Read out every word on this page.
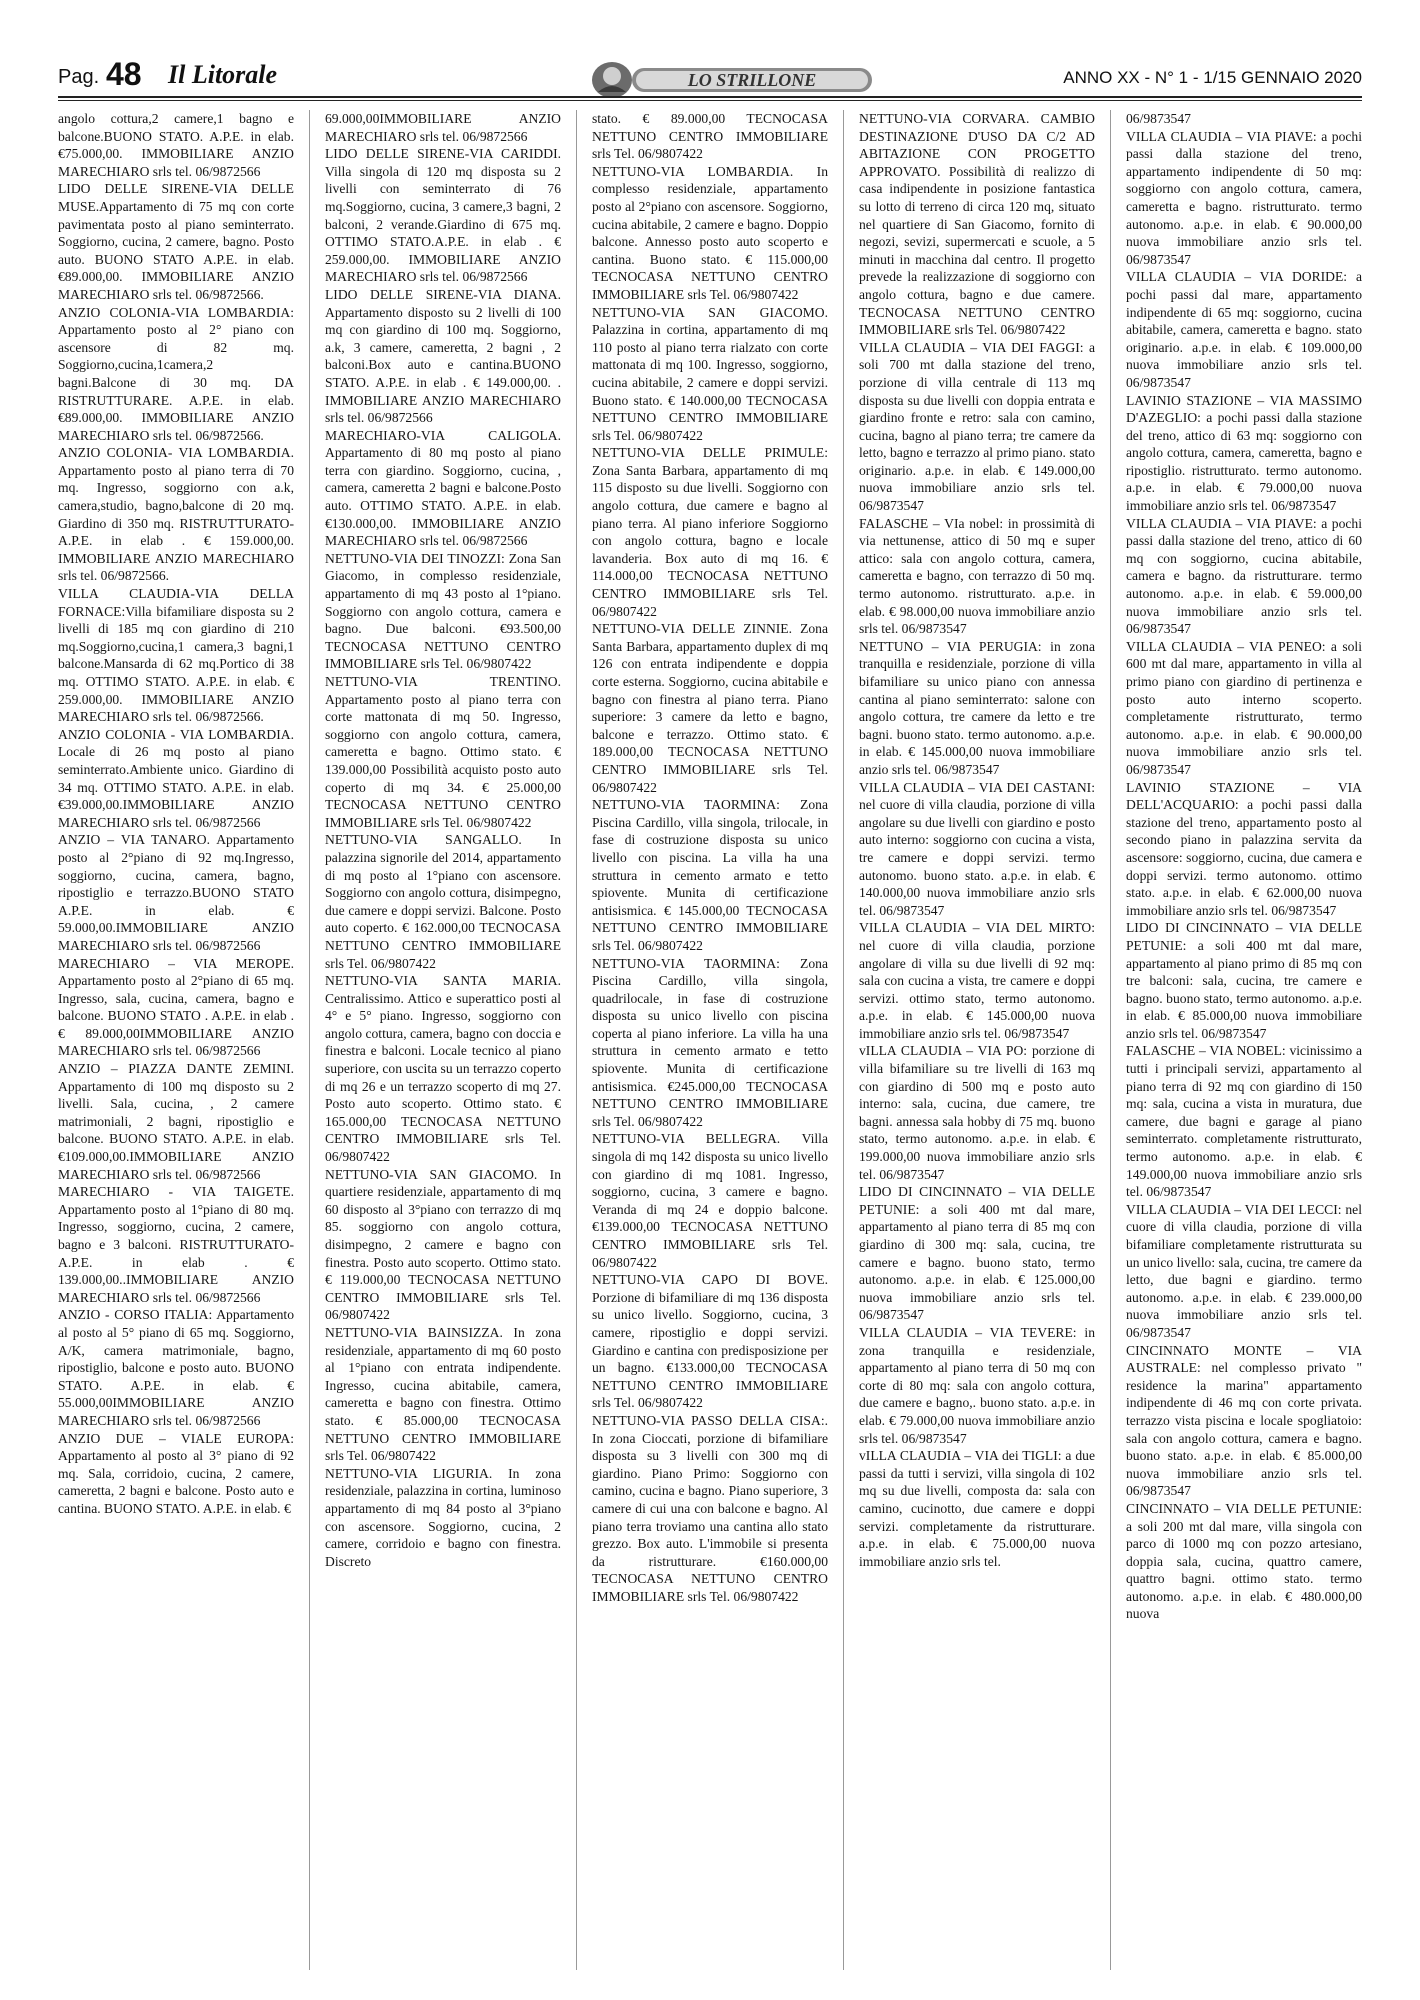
Pag. 48 Il Litorale	LO STRILLONE	ANNO XX - N° 1 - 1/15 GENNAIO 2020

angolo cottura,2 camere,1 bagno e balcone.BUONO STATO. A.P.E. in elab. €75.000,00. IMMOBILIARE ANZIO MARECHIARO srls tel. 06/9872566

LIDO DELLE SIRENE-VIA DELLE MUSE.Appartamento di 75 mq con corte pavimentata posto al piano seminterrato. Soggiorno, cucina, 2 camere, bagno. Posto auto. BUONO STATO A.P.E. in elab. €89.000,00. IMMOBILIARE ANZIO MARECHIARO srls tel. 06/9872566.

ANZIO COLONIA-VIA LOMBARDIA: Appartamento posto al 2° piano con ascensore di 82 mq. Soggiorno,cucina,1camera,2 bagni.Balcone di 30 mq. DA RISTRUTTURARE. A.P.E. in elab. €89.000,00. IMMOBILIARE ANZIO MARECHIARO srls tel. 06/9872566.

ANZIO COLONIA- VIA LOMBARDIA. Appartamento posto al piano terra di 70 mq. Ingresso, soggiorno con a.k, camera,studio, bagno,balcone di 20 mq. Giardino di 350 mq. RISTRUTTURATO-A.P.E. in elab . € 159.000,00. IMMOBILIARE ANZIO MARECHIARO srls tel. 06/9872566.

VILLA CLAUDIA-VIA DELLA FORNACE:Villa bifamiliare disposta su 2 livelli di 185 mq con giardino di 210 mq.Soggiorno,cucina,1 camera,3 bagni,1 balcone.Mansarda di 62 mq.Portico di 38 mq. OTTIMO STATO. A.P.E. in elab. € 259.000,00. IMMOBILIARE ANZIO MARECHIARO srls tel. 06/9872566.

ANZIO COLONIA - VIA LOMBARDIA. Locale di 26 mq posto al piano seminterrato.Ambiente unico. Giardino di 34 mq. OTTIMO STATO. A.P.E. in elab. €39.000,00.IMMOBILIARE ANZIO MARECHIARO srls tel. 06/9872566

ANZIO – VIA TANARO. Appartamento posto al 2°piano di 92 mq.Ingresso, soggiorno, cucina, camera, bagno, ripostiglio e terrazzo.BUONO STATO A.P.E. in elab. € 59.000,00.IMMOBILIARE ANZIO MARECHIARO srls tel. 06/9872566

MARECHIARO – VIA MEROPE. Appartamento posto al 2°piano di 65 mq. Ingresso, sala, cucina, camera, bagno e balcone. BUONO STATO . A.P.E. in elab . € 89.000,00IMMOBILIARE ANZIO MARECHIARO srls tel. 06/9872566

ANZIO – PIAZZA DANTE ZEMINI. Appartamento di 100 mq disposto su 2 livelli. Sala, cucina, , 2 camere matrimoniali, 2 bagni, ripostiglio e balcone. BUONO STATO. A.P.E. in elab. €109.000,00.IMMOBILIARE ANZIO MARECHIARO srls tel. 06/9872566

MARECHIARO - VIA TAIGETE. Appartamento posto al 1°piano di 80 mq. Ingresso, soggiorno, cucina, 2 camere, bagno e 3 balconi. RISTRUTTURATO- A.P.E. in elab . € 139.000,00..IMMOBILIARE ANZIO MARECHIARO srls tel. 06/9872566

ANZIO - CORSO ITALIA: Appartamento al posto al 5° piano di 65 mq. Soggiorno, A/K, camera matrimoniale, bagno, ripostiglio, balcone e posto auto. BUONO STATO. A.P.E. in elab. € 55.000,00IMMOBILIARE ANZIO MARECHIARO srls tel. 06/9872566

ANZIO DUE – VIALE EUROPA: Appartamento al posto al 3° piano di 92 mq. Sala, corridoio, cucina, 2 camere, cameretta, 2 bagni e balcone. Posto auto e cantina. BUONO STATO. A.P.E. in elab. €

69.000,00IMMOBILIARE ANZIO MARECHIARO srls tel. 06/9872566

LIDO DELLE SIRENE-VIA CARIDDI. Villa singola di 120 mq disposta su 2 livelli con seminterrato di 76 mq.Soggiorno, cucina, 3 camere,3 bagni, 2 balconi, 2 verande.Giardino di 675 mq. OTTIMO STATO.A.P.E. in elab . € 259.000,00. IMMOBILIARE ANZIO MARECHIARO srls tel. 06/9872566

LIDO DELLE SIRENE-VIA DIANA. Appartamento disposto su 2 livelli di 100 mq con giardino di 100 mq. Soggiorno, a.k, 3 camere, cameretta, 2 bagni , 2 balconi.Box auto e cantina.BUONO STATO. A.P.E. in elab . € 149.000,00. . IMMOBILIARE ANZIO MARECHIARO srls tel. 06/9872566

MARECHIARO-VIA CALIGOLA. Appartamento di 80 mq posto al piano terra con giardino. Soggiorno, cucina, , camera, cameretta 2 bagni e balcone.Posto auto. OTTIMO STATO. A.P.E. in elab. €130.000,00. IMMOBILIARE ANZIO MARECHIARO srls tel. 06/9872566

NETTUNO-VIA DEI TINOZZI: Zona San Giacomo, in complesso residenziale, appartamento di mq 43 posto al 1°piano. Soggiorno con angolo cottura, camera e bagno. Due balconi. €93.500,00 TECNOCASA NETTUNO CENTRO IMMOBILIARE srls Tel. 06/9807422

NETTUNO-VIA TRENTINO. Appartamento posto al piano terra con corte mattonata di mq 50. Ingresso, soggiorno con angolo cottura, camera, cameretta e bagno. Ottimo stato. € 139.000,00 Possibilità acquisto posto auto coperto di mq 34. € 25.000,00 TECNOCASA NETTUNO CENTRO IMMOBILIARE srls Tel. 06/9807422

NETTUNO-VIA SANGALLO. In palazzina signorile del 2014, appartamento di mq posto al 1°piano con ascensore. Soggiorno con angolo cottura, disimpegno, due camere e doppi servizi. Balcone. Posto auto coperto. € 162.000,00 TECNOCASA NETTUNO CENTRO IMMOBILIARE srls Tel. 06/9807422

NETTUNO-VIA SANTA MARIA. Centralissimo. Attico e superattico posti al 4° e 5° piano. Ingresso, soggiorno con angolo cottura, camera, bagno con doccia e finestra e balconi. Locale tecnico al piano superiore, con uscita su un terrazzo coperto di mq 26 e un terrazzo scoperto di mq 27. Posto auto scoperto. Ottimo stato. € 165.000,00 TECNOCASA NETTUNO CENTRO IMMOBILIARE srls Tel. 06/9807422

NETTUNO-VIA SAN GIACOMO. In quartiere residenziale, appartamento di mq 60 disposto al 3°piano con terrazzo di mq 85. soggiorno con angolo cottura, disimpegno, 2 camere e bagno con finestra. Posto auto scoperto. Ottimo stato. € 119.000,00 TECNOCASA NETTUNO CENTRO IMMOBILIARE srls Tel. 06/9807422

NETTUNO-VIA BAINSIZZA. In zona residenziale, appartamento di mq 60 posto al 1°piano con entrata indipendente. Ingresso, cucina abitabile, camera, cameretta e bagno con finestra. Ottimo stato. € 85.000,00 TECNOCASA NETTUNO CENTRO IMMOBILIARE srls Tel. 06/9807422

NETTUNO-VIA LIGURIA. In zona residenziale, palazzina in cortina, luminoso appartamento di mq 84 posto al 3°piano con ascensore. Soggiorno, cucina, 2 camere, corridoio e bagno con finestra. Discreto

stato. € 89.000,00 TECNOCASA NETTUNO CENTRO IMMOBILIARE srls Tel. 06/9807422

NETTUNO-VIA LOMBARDIA. In complesso residenziale, appartamento posto al 2°piano con ascensore. Soggiorno, cucina abitabile, 2 camere e bagno. Doppio balcone. Annesso posto auto scoperto e cantina. Buono stato. € 115.000,00 TECNOCASA NETTUNO CENTRO IMMOBILIARE srls Tel. 06/9807422

NETTUNO-VIA SAN GIACOMO. Palazzina in cortina, appartamento di mq 110 posto al piano terra rialzato con corte mattonata di mq 100. Ingresso, soggiorno, cucina abitabile, 2 camere e doppi servizi. Buono stato. € 140.000,00 TECNOCASA NETTUNO CENTRO IMMOBILIARE srls Tel. 06/9807422

NETTUNO-VIA DELLE PRIMULE: Zona Santa Barbara, appartamento di mq 115 disposto su due livelli. Soggiorno con angolo cottura, due camere e bagno al piano terra. Al piano inferiore Soggiorno con angolo cottura, bagno e locale lavanderia. Box auto di mq 16. € 114.000,00 TECNOCASA NETTUNO CENTRO IMMOBILIARE srls Tel. 06/9807422

NETTUNO-VIA DELLE ZINNIE. Zona Santa Barbara, appartamento duplex di mq 126 con entrata indipendente e doppia corte esterna. Soggiorno, cucina abitabile e bagno con finestra al piano terra. Piano superiore: 3 camere da letto e bagno, balcone e terrazzo. Ottimo stato. € 189.000,00 TECNOCASA NETTUNO CENTRO IMMOBILIARE srls Tel. 06/9807422

NETTUNO-VIA TAORMINA: Zona Piscina Cardillo, villa singola, trilocale, in fase di costruzione disposta su unico livello con piscina. La villa ha una struttura in cemento armato e tetto spiovente. Munita di certificazione antisismica. € 145.000,00 TECNOCASA NETTUNO CENTRO IMMOBILIARE srls Tel. 06/9807422

NETTUNO-VIA TAORMINA: Zona Piscina Cardillo, villa singola, quadrilocale, in fase di costruzione disposta su unico livello con piscina coperta al piano inferiore. La villa ha una struttura in cemento armato e tetto spiovente. Munita di certificazione antisismica. €245.000,00 TECNOCASA NETTUNO CENTRO IMMOBILIARE srls Tel. 06/9807422

NETTUNO-VIA BELLEGRA. Villa singola di mq 142 disposta su unico livello con giardino di mq 1081. Ingresso, soggiorno, cucina, 3 camere e bagno. Veranda di mq 24 e doppio balcone. €139.000,00 TECNOCASA NETTUNO CENTRO IMMOBILIARE srls Tel. 06/9807422

NETTUNO-VIA CAPO DI BOVE. Porzione di bifamiliare di mq 136 disposta su unico livello. Soggiorno, cucina, 3 camere, ripostiglio e doppi servizi. Giardino e cantina con predisposizione per un bagno. €133.000,00 TECNOCASA NETTUNO CENTRO IMMOBILIARE srls Tel. 06/9807422

NETTUNO-VIA PASSO DELLA CISA:. In zona Cioccati, porzione di bifamiliare disposta su 3 livelli con 300 mq di giardino. Piano Primo: Soggiorno con camino, cucina e bagno. Piano superiore, 3 camere di cui una con balcone e bagno. Al piano terra troviamo una cantina allo stato grezzo. Box auto. L'immobile si presenta da ristrutturare. €160.000,00 TECNOCASA NETTUNO CENTRO IMMOBILIARE srls Tel. 06/9807422

NETTUNO-VIA CORVARA. CAMBIO DESTINAZIONE D'USO DA C/2 AD ABITAZIONE CON PROGETTO APPROVATO. Possibilità di realizzo di casa indipendente in posizione fantastica su lotto di terreno di circa 120 mq, situato nel quartiere di San Giacomo, fornito di negozi, sevizi, supermercati e scuole, a 5 minuti in macchina dal centro. Il progetto prevede la realizzazione di soggiorno con angolo cottura, bagno e due camere. TECNOCASA NETTUNO CENTRO IMMOBILIARE srls Tel. 06/9807422

VILLA CLAUDIA – VIA DEI FAGGI: a soli 700 mt dalla stazione del treno, porzione di villa centrale di 113 mq disposta su due livelli con doppia entrata e giardino fronte e retro: sala con camino, cucina, bagno al piano terra; tre camere da letto, bagno e terrazzo al primo piano. stato originario. a.p.e. in elab. € 149.000,00 nuova immobiliare anzio srls tel. 06/9873547

FALASCHE – VIa nobel: in prossimità di via nettunense, attico di 50 mq e super attico: sala con angolo cottura, camera, cameretta e bagno, con terrazzo di 50 mq. termo autonomo. ristrutturato. a.p.e. in elab. € 98.000,00 nuova immobiliare anzio srls tel. 06/9873547

NETTUNO – VIA PERUGIA: in zona tranquilla e residenziale, porzione di villa bifamiliare su unico piano con annessa cantina al piano seminterrato: salone con angolo cottura, tre camere da letto e tre bagni. buono stato. termo autonomo. a.p.e. in elab. € 145.000,00 nuova immobiliare anzio srls tel. 06/9873547

VILLA CLAUDIA – VIA DEI CASTANI: nel cuore di villa claudia, porzione di villa angolare su due livelli con giardino e posto auto interno: soggiorno con cucina a vista, tre camere e doppi servizi. termo autonomo. buono stato. a.p.e. in elab. € 140.000,00 nuova immobiliare anzio srls tel. 06/9873547

VILLA CLAUDIA – VIA DEL MIRTO: nel cuore di villa claudia, porzione angolare di villa su due livelli di 92 mq: sala con cucina a vista, tre camere e doppi servizi. ottimo stato, termo autonomo. a.p.e. in elab. € 145.000,00 nuova immobiliare anzio srls tel. 06/9873547

vILLA CLAUDIA – VIA PO: porzione di villa bifamiliare su tre livelli di 163 mq con giardino di 500 mq e posto auto interno: sala, cucina, due camere, tre bagni. annessa sala hobby di 75 mq. buono stato, termo autonomo. a.p.e. in elab. € 199.000,00 nuova immobiliare anzio srls tel. 06/9873547

LIDO DI CINCINNATO – VIA DELLE PETUNIE: a soli 400 mt dal mare, appartamento al piano terra di 85 mq con giardino di 300 mq: sala, cucina, tre camere e bagno. buono stato, termo autonomo. a.p.e. in elab. € 125.000,00 nuova immobiliare anzio srls tel. 06/9873547

VILLA CLAUDIA – VIA TEVERE: in zona tranquilla e residenziale, appartamento al piano terra di 50 mq con corte di 80 mq: sala con angolo cottura, due camere e bagno,. buono stato. a.p.e. in elab. € 79.000,00 nuova immobiliare anzio srls tel. 06/9873547

vILLA CLAUDIA – VIA dei TIGLI: a due passi da tutti i servizi, villa singola di 102 mq su due livelli, composta da: sala con camino, cucinotto, due camere e doppi servizi. completamente da ristrutturare. a.p.e. in elab. € 75.000,00 nuova immobiliare anzio srls tel.

06/9873547

VILLA CLAUDIA – VIA PIAVE: a pochi passi dalla stazione del treno, appartamento indipendente di 50 mq: soggiorno con angolo cottura, camera, cameretta e bagno. ristrutturato. termo autonomo. a.p.e. in elab. € 90.000,00 nuova immobiliare anzio srls tel. 06/9873547

VILLA CLAUDIA – VIA DORIDE: a pochi passi dal mare, appartamento indipendente di 65 mq: soggiorno, cucina abitabile, camera, cameretta e bagno. stato originario. a.p.e. in elab. € 109.000,00 nuova immobiliare anzio srls tel. 06/9873547

LAVINIO STAZIONE – VIA MASSIMO D'AZEGLIO: a pochi passi dalla stazione del treno, attico di 63 mq: soggiorno con angolo cottura, camera, cameretta, bagno e ripostiglio. ristrutturato. termo autonomo. a.p.e. in elab. € 79.000,00 nuova immobiliare anzio srls tel. 06/9873547

VILLA CLAUDIA – VIA PIAVE: a pochi passi dalla stazione del treno, attico di 60 mq con soggiorno, cucina abitabile, camera e bagno. da ristrutturare. termo autonomo. a.p.e. in elab. € 59.000,00 nuova immobiliare anzio srls tel. 06/9873547

VILLA CLAUDIA – VIA PENEO: a soli 600 mt dal mare, appartamento in villa al primo piano con giardino di pertinenza e posto auto interno scoperto. completamente ristrutturato, termo autonomo. a.p.e. in elab. € 90.000,00 nuova immobiliare anzio srls tel. 06/9873547

LAVINIO STAZIONE – VIA DELL'ACQUARIO: a pochi passi dalla stazione del treno, appartamento posto al secondo piano in palazzina servita da ascensore: soggiorno, cucina, due camera e doppi servizi. termo autonomo. ottimo stato. a.p.e. in elab. € 62.000,00 nuova immobiliare anzio srls tel. 06/9873547

LIDO DI CINCINNATO – VIA DELLE PETUNIE: a soli 400 mt dal mare, appartamento al piano primo di 85 mq con tre balconi: sala, cucina, tre camere e bagno. buono stato, termo autonomo. a.p.e. in elab. € 85.000,00 nuova immobiliare anzio srls tel. 06/9873547

FALASCHE – VIA NOBEL: vicinissimo a tutti i principali servizi, appartamento al piano terra di 92 mq con giardino di 150 mq: sala, cucina a vista in muratura, due camere, due bagni e garage al piano seminterrato. completamente ristrutturato, termo autonomo. a.p.e. in elab. € 149.000,00 nuova immobiliare anzio srls tel. 06/9873547

VILLA CLAUDIA – VIA DEI LECCI: nel cuore di villa claudia, porzione di villa bifamiliare completamente ristrutturata su un unico livello: sala, cucina, tre camere da letto, due bagni e giardino. termo autonomo. a.p.e. in elab. € 239.000,00 nuova immobiliare anzio srls tel. 06/9873547

CINCINNATO MONTE – VIA AUSTRALE: nel complesso privato " residence la marina" appartamento indipendente di 46 mq con corte privata. terrazzo vista piscina e locale spogliatoio: sala con angolo cottura, camera e bagno. buono stato. a.p.e. in elab. € 85.000,00 nuova immobiliare anzio srls tel. 06/9873547

CINCINNATO – VIA DELLE PETUNIE: a soli 200 mt dal mare, villa singola con parco di 1000 mq con pozzo artesiano, doppia sala, cucina, quattro camere, quattro bagni. ottimo stato. termo autonomo. a.p.e. in elab. € 480.000,00 nuova
